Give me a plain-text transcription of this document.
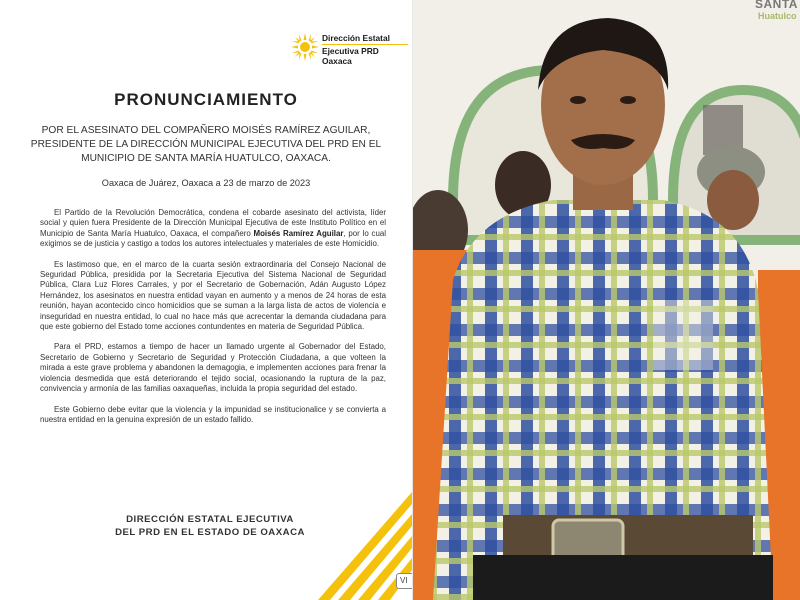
Dirección Estatal
Ejecutiva PRD Oaxaca
PRONUNCIAMIENTO
POR EL ASESINATO DEL COMPAÑERO MOISÉS RAMÍREZ AGUILAR, PRESIDENTE DE LA DIRECCIÓN MUNICIPAL EJECUTIVA DEL PRD EN EL MUNICIPIO DE SANTA MARÍA HUATULCO, OAXACA.
Oaxaca de Juárez, Oaxaca a 23 de marzo de 2023

El Partido de la Revolución Democrática, condena el cobarde asesinato del activista, líder social y quien fuera Presidente de la Dirección Municipal Ejecutiva de este Instituto Político en el Municipio de Santa María Huatulco, Oaxaca, el compañero Moisés Ramírez Aguilar, por lo cual exigimos se de justicia y castigo a todos los autores intelectuales y materiales de este Homicidio.

Es lastimoso que, en el marco de la cuarta sesión extraordinaria del Consejo Nacional de Seguridad Pública, presidida por la Secretaria Ejecutiva del Sistema Nacional de Seguridad Pública, Clara Luz Flores Carrales, y por el Secretario de Gobernación, Adán Augusto López Hernández, los asesinatos en nuestra entidad vayan en aumento y a menos de 24 horas de esta reunión, hayan acontecido cinco homicidios que se suman a la larga lista de actos de violencia e inseguridad en nuestra entidad, lo cual no hace más que acrecentar la demanda ciudadana para que este gobierno del Estado tome acciones contundentes en materia de Seguridad Pública.

Para el PRD, estamos a tiempo de hacer un llamado urgente al Gobernador del Estado, Secretario de Gobierno y Secretario de Seguridad y Protección Ciudadana, a que volteen la mirada a este grave problema y abandonen la demagogia, e implementen acciones para frenar la violencia desmedida que está deteriorando el tejido social, ocasionando la ruptura de la paz, convivencia y armonía de las familias oaxaqueñas, incluida la propia seguridad del estado.

Este Gobierno debe evitar que la violencia y la impunidad se institucionalice y se convierta a nuestra entidad en la genuina expresión de un estado fallido.

DIRECCIÓN ESTATAL EJECUTIVA
DEL PRD EN EL ESTADO DE OAXACA
VI
SANTA
Huatulco
